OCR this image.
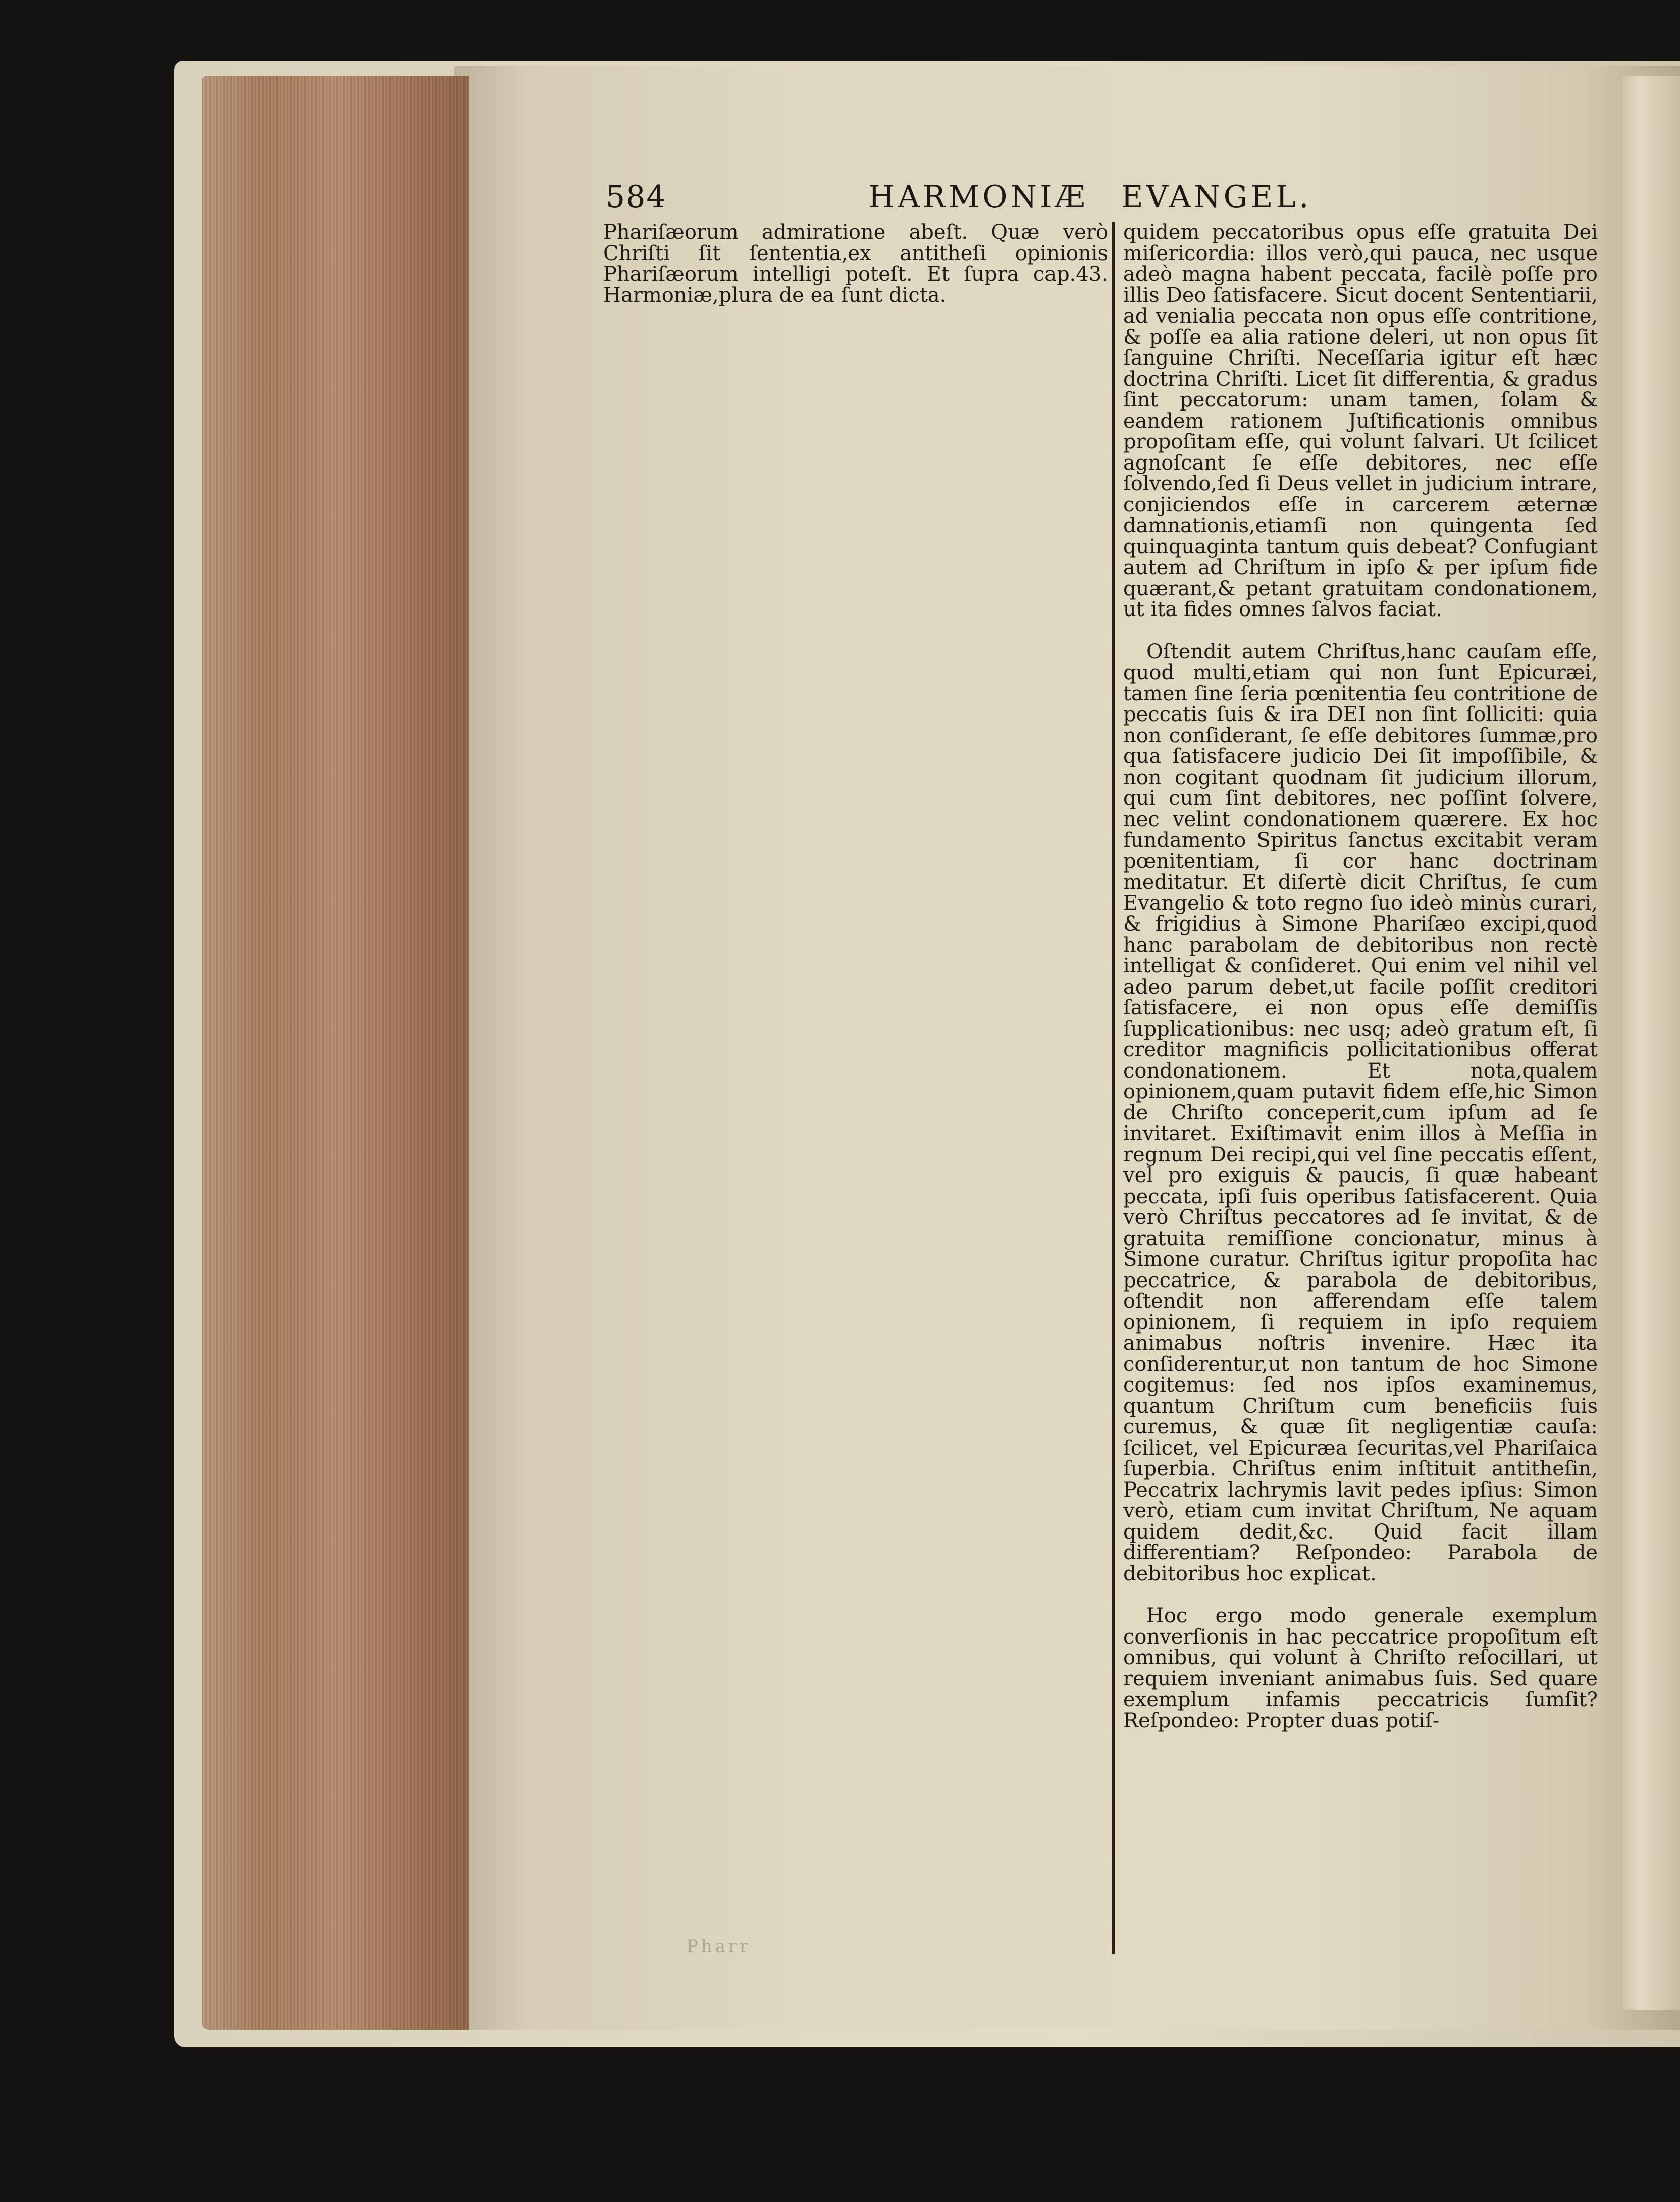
584	HARMONIÆ EVANGEL.

Phariſæorum admiratione abeſt. Quæ verò Chriſti ſit ſententia,ex antitheſi opinionis Phariſæorum intelligi poteſt. Et ſupra cap.43. Harmoniæ,plura de ea ſunt dicta.

quidem peccatoribus opus eſſe gratuita Dei miſericordia: illos verò,qui pauca, nec usque adeò magna habent peccata, facilè poſſe pro illis Deo ſatisfacere. Sicut docent Sententiarii, ad venialia peccata non opus eſſe contritione, & poſſe ea alia ratione deleri, ut non opus ſit ſanguine Chriſti. Neceſſaria igitur eſt hæc doctrina Chriſti. Licet ſit differentia, & gradus ſint peccatorum: unam tamen, ſolam & eandem rationem Juſtificationis omnibus propoſitam eſſe, qui volunt ſalvari. Ut ſcilicet agnoſcant ſe eſſe debitores, nec eſſe ſolvendo,ſed ſi Deus vellet in judicium intrare, conjiciendos eſſe in carcerem æternæ damnationis,etiamſi non quingenta ſed quinquaginta tantum quis debeat? Confugiant autem ad Chriſtum in ipſo & per ipſum fide quærant,& petant gratuitam condonationem, ut ita fides omnes ſalvos faciat.

Oſtendit autem Chriſtus,hanc cauſam eſſe, quod multi,etiam qui non ſunt Epicuræi, tamen ſine ſeria pœnitentia ſeu contritione de peccatis ſuis & ira DEI non ſint ſolliciti: quia non conſiderant, ſe eſſe debitores ſummæ,pro qua ſatisfacere judicio Dei ſit impoſſibile, & non cogitant quodnam ſit judicium illorum, qui cum ſint debitores, nec poſſint ſolvere, nec velint condonationem quærere. Ex hoc fundamento Spiritus ſanctus excitabit veram pœnitentiam, ſi cor hanc doctrinam meditatur. Et diſertè dicit Chriſtus, ſe cum Evangelio & toto regno ſuo ideò minùs curari, & frigidius à Simone Phariſæo excipi,quod hanc parabolam de debitoribus non rectè intelligat & conſideret. Qui enim vel nihil vel adeo parum debet,ut facile poſſit creditori ſatisfacere, ei non opus eſſe demiſſis ſupplicationibus: nec usq; adeò gratum eſt, ſi creditor magnificis pollicitationibus offerat condonationem. Et nota,qualem opinionem,quam putavit fidem eſſe,hic Simon de Chriſto conceperit,cum ipſum ad ſe invitaret. Exiſtimavit enim illos à Meſſia in regnum Dei recipi,qui vel ſine peccatis eſſent, vel pro exiguis & paucis, ſi quæ habeant peccata, ipſi ſuis operibus ſatisfacerent. Quia verò Chriſtus peccatores ad ſe invitat, & de gratuita remiſſione concionatur, minus à Simone curatur. Chriſtus igitur propoſita hac peccatrice, & parabola de debitoribus, oſtendit non afferendam eſſe talem opinionem, ſi requiem in ipſo requiem animabus noſtris invenire. Hæc ita conſiderentur,ut non tantum de hoc Simone cogitemus: ſed nos ipſos examinemus, quantum Chriſtum cum beneficiis ſuis curemus, & quæ ſit negligentiæ cauſa: ſcilicet, vel Epicuræa ſecuritas,vel Phariſaica ſuperbia. Chriſtus enim inſtituit antitheſin, Peccatrix lachrymis lavit pedes ipſius: Simon verò, etiam cum invitat Chriſtum, Ne aquam quidem dedit,&c. Quid facit illam differentiam? Reſpondeo: Parabola de debitoribus hoc explicat.

Hoc ergo modo generale exemplum converſionis in hac peccatrice propoſitum eſt omnibus, qui volunt à Chriſto reſocillari, ut requiem inveniant animabus ſuis. Sed quare exemplum infamis peccatricis ſumſit? Reſpondeo: Propter duas potiſ-

Pharr
